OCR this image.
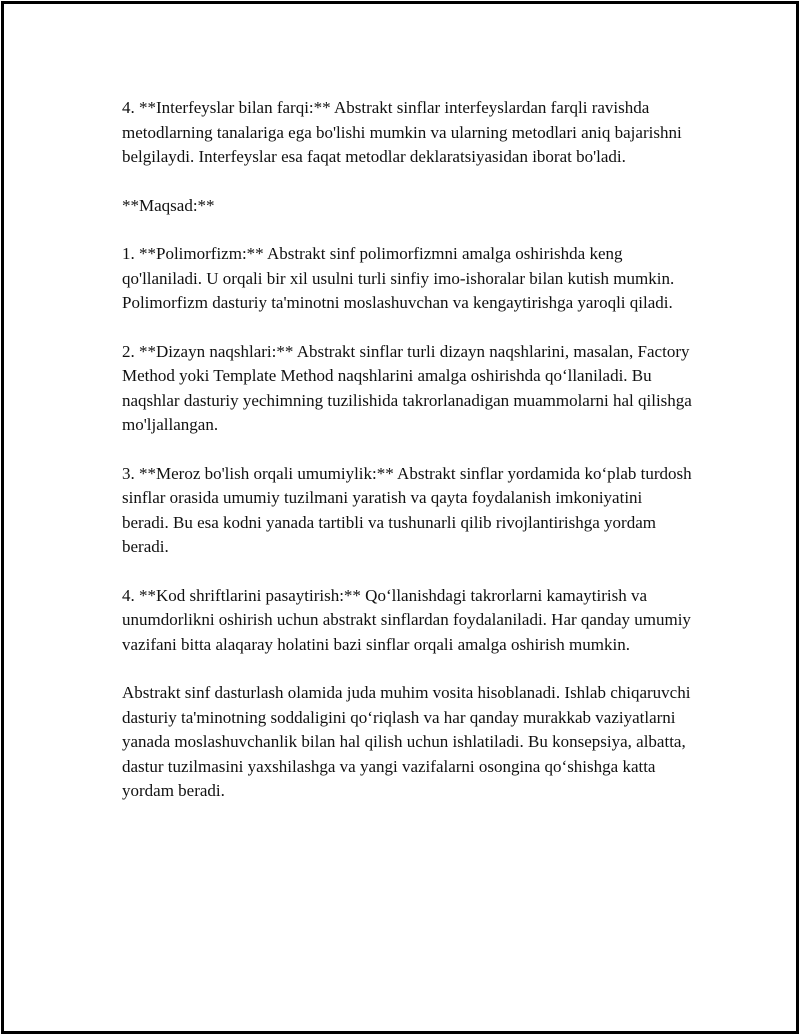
4. **Interfeyslar bilan farqi:** Abstrakt sinflar interfeyslardan farqli ravishda metodlarning tanalariga ega bo'lishi mumkin va ularning metodlari aniq bajarishni belgilaydi. Interfeyslar esa faqat metodlar deklaratsiyasidan iborat bo'ladi.

**Maqsad:**

1. **Polimorfizm:** Abstrakt sinf polimorfizmni amalga oshirishda keng qo'llaniladi. U orqali bir xil usulni turli sinfiy imo-ishoralar bilan kutish mumkin. Polimorfizm dasturiy ta'minotni moslashuvchan va kengaytirishga yaroqli qiladi.

2. **Dizayn naqshlari:** Abstrakt sinflar turli dizayn naqshlarini, masalan, Factory Method yoki Template Method naqshlarini amalga oshirishda qo‘llaniladi. Bu naqshlar dasturiy yechimning tuzilishida takrorlanadigan muammolarni hal qilishga mo'ljallangan.

3. **Meroz bo'lish orqali umumiylik:** Abstrakt sinflar yordamida ko‘plab turdosh sinflar orasida umumiy tuzilmani yaratish va qayta foydalanish imkoniyatini beradi. Bu esa kodni yanada tartibli va tushunarli qilib rivojlantirishga yordam beradi.

4. **Kod shriftlarini pasaytirish:** Qo‘llanishdagi takrorlarni kamaytirish va unumdorlikni oshirish uchun abstrakt sinflardan foydalaniladi. Har qanday umumiy vazifani bitta alaqaray holatini bazi sinflar orqali amalga oshirish mumkin.

Abstrakt sinf dasturlash olamida juda muhim vosita hisoblanadi. Ishlab chiqaruvchi dasturiy ta'minotning soddaligini qo‘riqlash va har qanday murakkab vaziyatlarni yanada moslashuvchanlik bilan hal qilish uchun ishlatiladi. Bu konsepsiya, albatta, dastur tuzilmasini yaxshilashga va yangi vazifalarni osongina qo‘shishga katta yordam beradi.
